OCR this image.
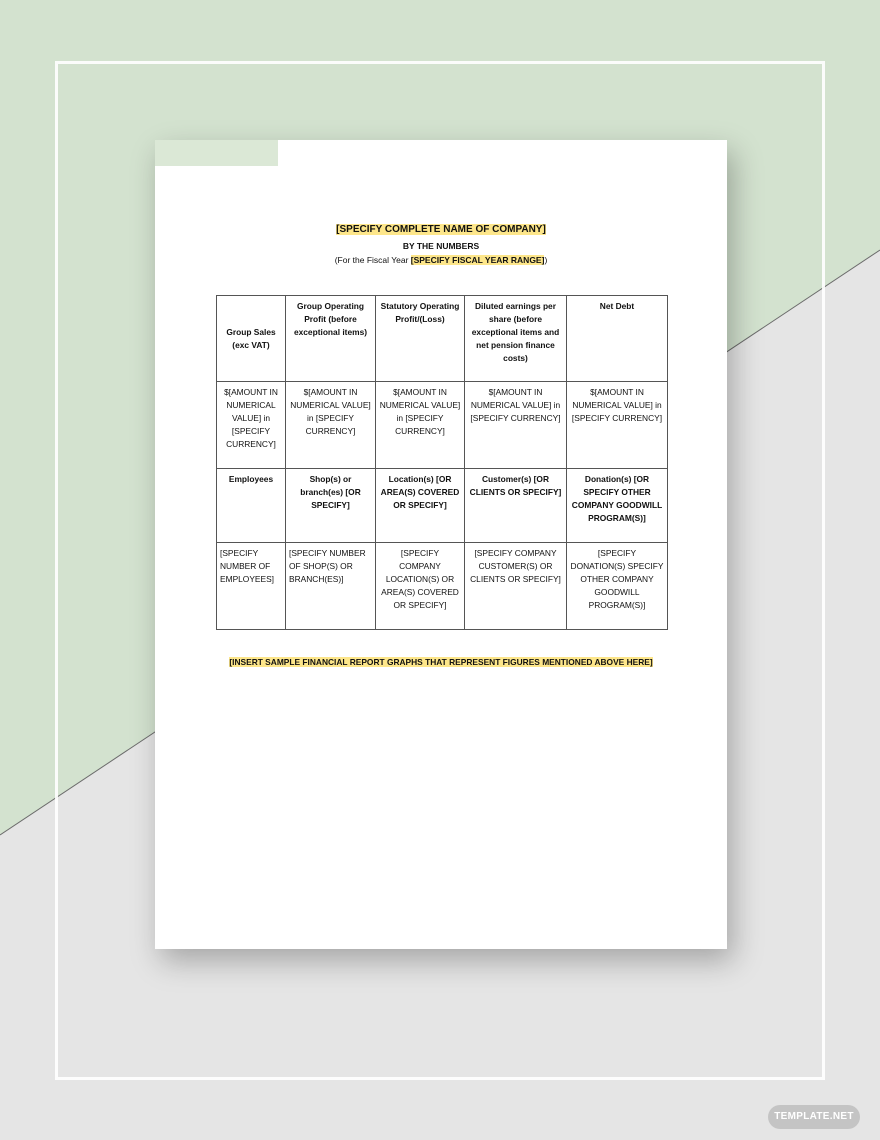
[SPECIFY COMPLETE NAME OF COMPANY]
BY THE NUMBERS
(For the Fiscal Year [SPECIFY FISCAL YEAR RANGE])
Group Sales (exc VAT)	Group Operating Profit (before exceptional items)	Statutory Operating Profit/(Loss)	Diluted earnings per share (before exceptional items and net pension finance costs)	Net Debt
$[AMOUNT IN NUMERICAL VALUE] in [SPECIFY CURRENCY]	$[AMOUNT IN NUMERICAL VALUE] in [SPECIFY CURRENCY]	$[AMOUNT IN NUMERICAL VALUE] in [SPECIFY CURRENCY]	$[AMOUNT IN NUMERICAL VALUE] in [SPECIFY CURRENCY]	$[AMOUNT IN NUMERICAL VALUE] in [SPECIFY CURRENCY]
Employees	Shop(s) or branch(es) [OR SPECIFY]	Location(s) [OR AREA(S) COVERED OR SPECIFY]	Customer(s) [OR CLIENTS OR SPECIFY]	Donation(s) [OR SPECIFY OTHER COMPANY GOODWILL PROGRAM(S)]
[SPECIFY NUMBER OF EMPLOYEES]	[SPECIFY NUMBER OF SHOP(S) OR BRANCH(ES)]	[SPECIFY COMPANY LOCATION(S) OR AREA(S) COVERED OR SPECIFY]	[SPECIFY COMPANY CUSTOMER(S) OR CLIENTS OR SPECIFY]	[SPECIFY DONATION(S) SPECIFY OTHER COMPANY GOODWILL PROGRAM(S)]
[INSERT SAMPLE FINANCIAL REPORT GRAPHS THAT REPRESENT FIGURES MENTIONED ABOVE HERE]
TEMPLATE.NET
